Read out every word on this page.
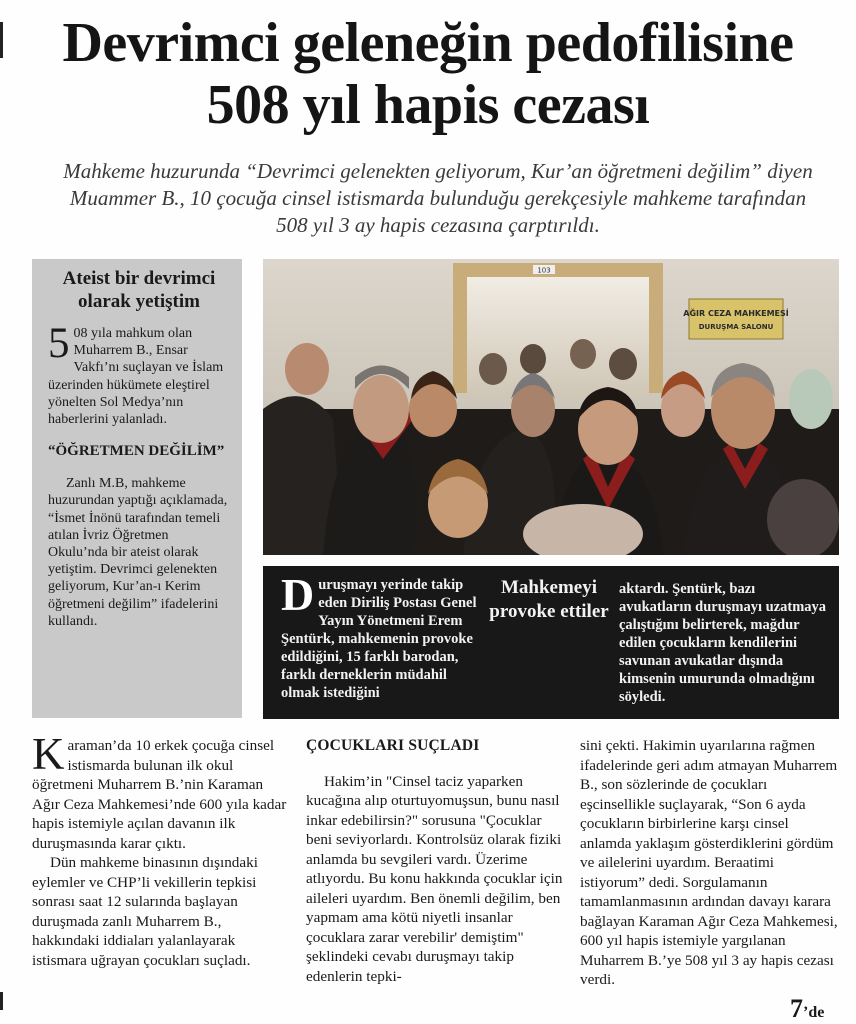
Devrimci geleneğin pedofilisine
508 yıl hapis cezası
Mahkeme huzurunda “Devrimci gelenekten geliyorum, Kur’an öğretmeni değilim” diyen Muammer B., 10 çocuğa cinsel istismarda bulunduğu gerekçesiyle mahkeme tarafından 508 yıl 3 ay hapis cezasına çarptırıldı.
Ateist bir devrimci olarak yetiştim

5 08 yıla mahkum olan Muharrem B., Ensar Vakfı’nı suçlayan ve İslam üzerinden hükümete eleştirel yönelten Sol Medya’nın haberlerini yalanladı.

“ÖĞRETMEN DEĞİLİM”

Zanlı M.B, mahkeme huzurundan yaptığı açıklamada, “İsmet İnönü tarafından temeli atılan İvriz Öğretmen Okulu’nda bir ateist olarak yetiştim. Devrimci gelenekten geliyorum, Kur’an-ı Kerim öğretmeni değilim” ifadelerini kullandı.

103
AĞIR CEZA MAHKEMESİ
DURUŞMA SALONU
Duruşmayı yerinde takip eden Diriliş Postası Genel Yayın Yönetmeni Erem Şentürk, mahkemenin provoke edildiğini, 15 farklı barodan, farklı derneklerin müdahil olmak istediğini
Mahkemeyi provoke ettiler
aktardı. Şentürk, bazı avukatların duruşmayı uzatmaya çalıştığını belirterek, mağdur edilen çocukların kendilerini savunan avukatlar dışında kimsenin umurunda olmadığını söyledi.

Karaman’da 10 erkek çocuğa cinsel istismarda bulunan ilk okul öğretmeni Muharrem B.’nin Karaman Ağır Ceza Mahkemesi’nde 600 yıla kadar hapis istemiyle açılan davanın ilk duruşmasında karar çıktı.

Dün mahkeme binasının dışındaki eylemler ve CHP’li vekillerin tepkisi sonrası saat 12 sularında başlayan duruşmada zanlı Muharrem B., hakkındaki iddiaları yalanlayarak istismara uğrayan çocukları suçladı.

ÇOCUKLARI SUÇLADI

Hakim’in "Cinsel taciz yaparken kucağına alıp oturtuyomuşsun, bunu nasıl inkar edebilirsin?" sorusuna "Çocuklar beni seviyorlardı. Kontrolsüz olarak fiziki anlamda bu sevgileri vardı. Üzerime atlıyordu. Bu konu hakkında çocuklar için aileleri uyardım. Ben önemli değilim, ben yapmam ama kötü niyetli insanlar çocuklara zarar verebilir' demiştim" şeklindeki cevabı duruşmayı takip edenlerin tepki-

sini çekti. Hakimin uyarılarına rağmen ifadelerinde geri adım atmayan Muharrem B., son sözlerinde de çocukları eşcinsellikle suçlayarak, “Son 6 ayda çocukların birbirlerine karşı cinsel anlamda yaklaşım gösterdiklerini gördüm ve ailelerini uyardım. Beraatimi istiyorum” dedi. Sorgulamanın tamamlanmasının ardından davayı karara bağlayan Karaman Ağır Ceza Mahkemesi, 600 yıl hapis istemiyle yargılanan Muharrem B.’ye 508 yıl 3 ay hapis cezası verdi.

7’de
